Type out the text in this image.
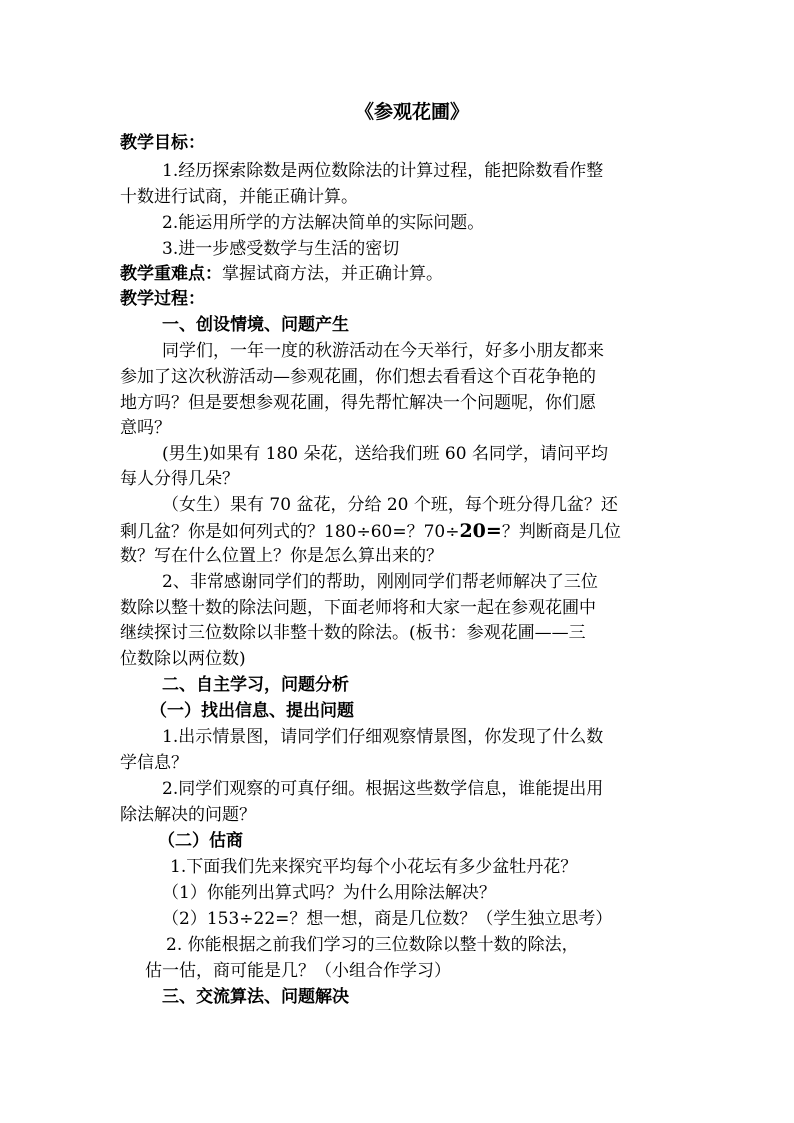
《参观花圃》
教学目标：
1.经历探索除数是两位数除法的计算过程，能把除数看作整
十数进行试商，并能正确计算。
2.能运用所学的方法解决简单的实际问题。
3.进一步感受数学与生活的密切
教学重难点：掌握试商方法，并正确计算。
教学过程：
一、创设情境、问题产生
同学们，一年一度的秋游活动在今天举行，好多小朋友都来
参加了这次秋游活动—参观花圃，你们想去看看这个百花争艳的
地方吗？但是要想参观花圃，得先帮忙解决一个问题呢，你们愿
意吗？
(男生)如果有 180 朵花，送给我们班 60 名同学，请问平均
每人分得几朵？
（女生）果有 70 盆花，分给 20 个班，每个班分得几盆？还
剩几盆？你是如何列式的？180÷60=？70÷20=？判断商是几位
数？写在什么位置上？你是怎么算出来的？
2、非常感谢同学们的帮助，刚刚同学们帮老师解决了三位
数除以整十数的除法问题，下面老师将和大家一起在参观花圃中
继续探讨三位数除以非整十数的除法。(板书：参观花圃——三
位数除以两位数)
二、自主学习，问题分析
（一）找出信息、提出问题
1.出示情景图，请同学们仔细观察情景图，你发现了什么数
学信息？
2.同学们观察的可真仔细。根据这些数学信息，谁能提出用
除法解决的问题？
（二）估商
1.下面我们先来探究平均每个小花坛有多少盆牡丹花？
（1）你能列出算式吗？为什么用除法解决？
（2）153÷22=？想一想，商是几位数？（学生独立思考）
2. 你能根据之前我们学习的三位数除以整十数的除法，
估一估，商可能是几？（小组合作学习）
三、交流算法、问题解决
